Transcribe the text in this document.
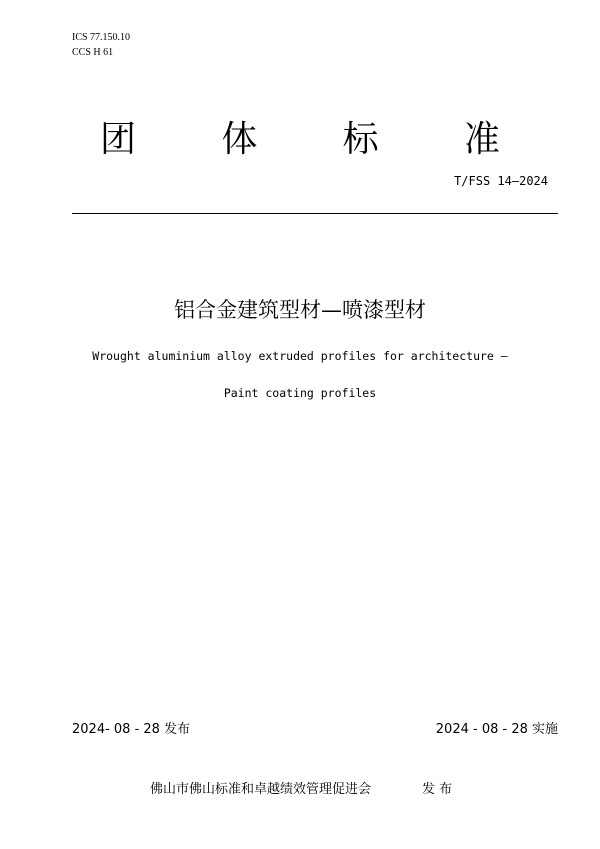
ICS 77.150.10
CCS H 61
团 体 标 准
T/FSS 14—2024
铝合金建筑型材—喷漆型材
Wrought aluminium alloy extruded profiles for architecture —
Paint coating profiles
2024- 08 - 28 发布	2024 - 08 - 28 实施
佛山市佛山标准和卓越绩效管理促进会	发 布
